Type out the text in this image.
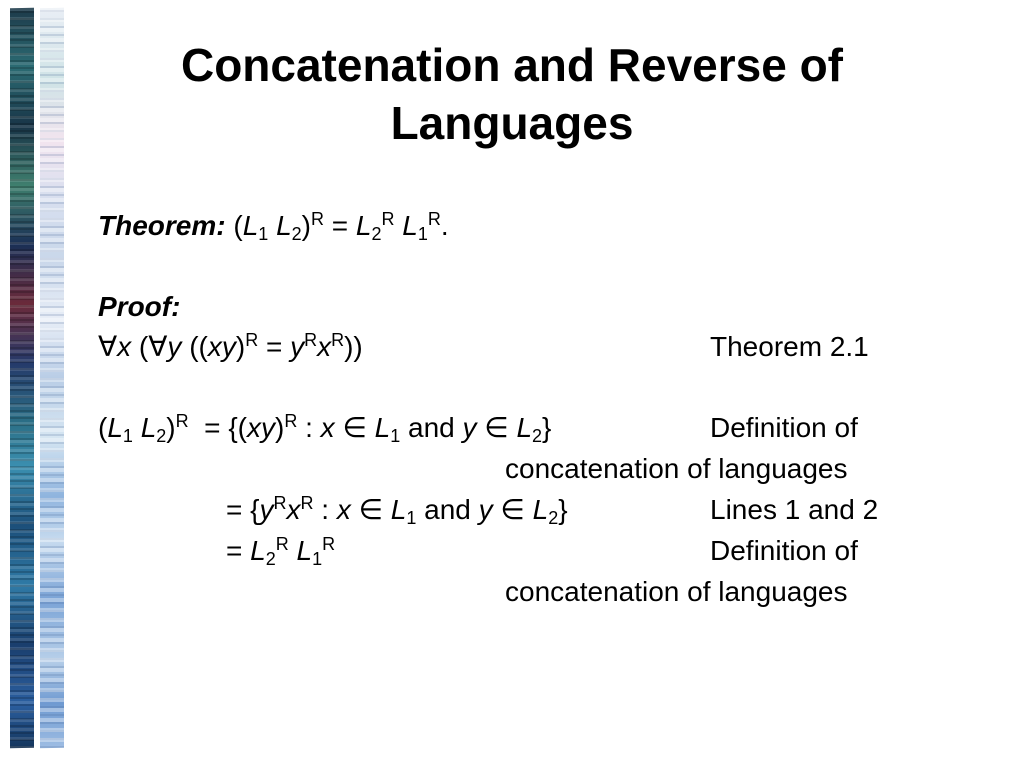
Concatenation and Reverse of
Languages
Theorem: ($L_1$ $L_2)^R = L_2^R$ $L_1^R$.
Proof:
∀x (∀y $((xy)^R = y^Rx^R)$)	Theorem 2.1
($L_1$ $L_2)^R = \{(xy)^R$ : x ∈ $L_1$ and y ∈ $L_2$}	Definition of
concatenation of languages
= {$y^Rx^R$ : x ∈ $L_1$ and y ∈ $L_2$}	Lines 1 and 2
= $L_2^R$ $L_1^R$	Definition of
concatenation of languages
